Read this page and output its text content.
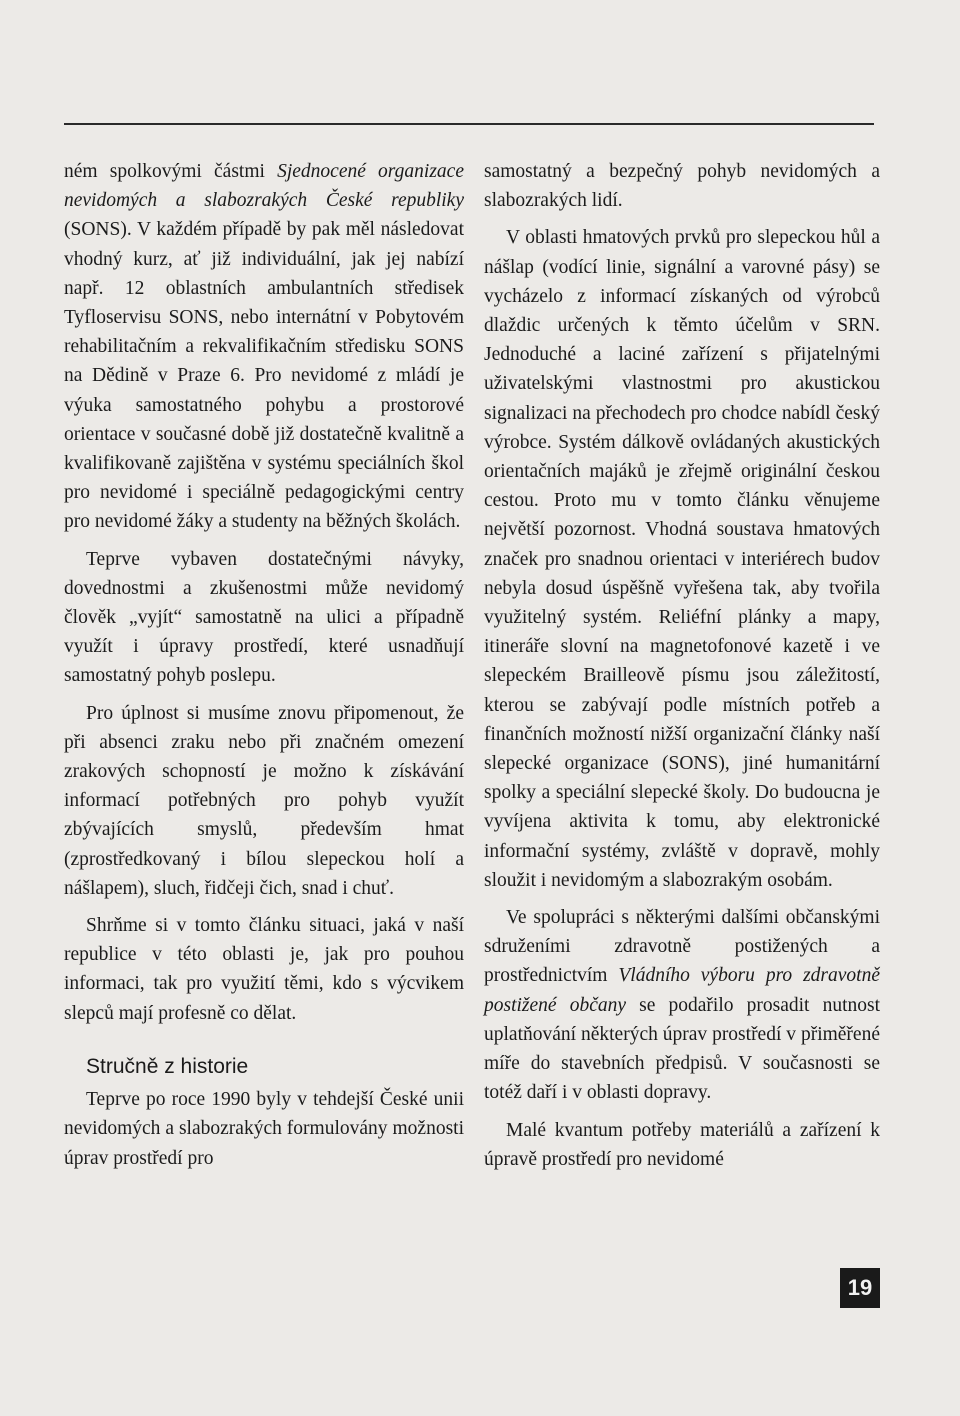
ném spolkovými částmi Sjednocené organizace nevidomých a slabozrakých České republiky (SONS). V každém případě by pak měl následovat vhodný kurz, ať již individuální, jak jej nabízí např. 12 oblastních ambulantních středisek Tyfloservisu SONS, nebo internátní v Pobytovém rehabilitačním a rekvalifikačním středisku SONS na Dědině v Praze 6. Pro nevidomé z mládí je výuka samostatného pohybu a prostorové orientace v současné době již dostatečně kvalitně a kvalifikovaně zajištěna v systému speciálních škol pro nevidomé i speciálně pedagogickými centry pro nevidomé žáky a studenty na běžných školách.

Teprve vybaven dostatečnými návyky, dovednostmi a zkušenostmi může nevidomý člověk „vyjít“ samostatně na ulici a případně využít i úpravy prostředí, které usnadňují samostatný pohyb poslepu.

Pro úplnost si musíme znovu připomenout, že při absenci zraku nebo při značném omezení zrakových schopností je možno k získávání informací potřebných pro pohyb využít zbývajících smyslů, především hmat (zprostředkovaný i bílou slepeckou holí a nášlapem), sluch, řidčeji čich, snad i chuť.

Shrňme si v tomto článku situaci, jaká v naší republice v této oblasti je, jak pro pouhou informaci, tak pro využití těmi, kdo s výcvikem slepců mají profesně co dělat.

Stručně z historie

Teprve po roce 1990 byly v tehdejší České unii nevidomých a slabozrakých formulovány možnosti úprav prostředí pro

samostatný a bezpečný pohyb nevidomých a slabozrakých lidí.

V oblasti hmatových prvků pro slepeckou hůl a nášlap (vodící linie, signální a varovné pásy) se vycházelo z informací získaných od výrobců dlaždic určených k těmto účelům v SRN. Jednoduché a laciné zařízení s přijatelnými uživatelskými vlastnostmi pro akustickou signalizaci na přechodech pro chodce nabídl český výrobce. Systém dálkově ovládaných akustických orientačních majáků je zřejmě originální českou cestou. Proto mu v tomto článku věnujeme největší pozornost. Vhodná soustava hmatových značek pro snadnou orientaci v interiérech budov nebyla dosud úspěšně vyřešena tak, aby tvořila využitelný systém. Reliéfní plánky a mapy, itineráře slovní na magnetofonové kazetě i ve slepeckém Brailleově písmu jsou záležitostí, kterou se zabývají podle místních potřeb a finančních možností nižší organizační články naší slepecké organizace (SONS), jiné humanitární spolky a speciální slepecké školy. Do budoucna je vyvíjena aktivita k tomu, aby elektronické informační systémy, zvláště v dopravě, mohly sloužit i nevidomým a slabozrakým osobám.

Ve spolupráci s některými dalšími občanskými sdruženími zdravotně postižených a prostřednictvím Vládního výboru pro zdravotně postižené občany se podařilo prosadit nutnost uplatňování některých úprav prostředí v přiměřené míře do stavebních předpisů. V současnosti se totéž daří i v oblasti dopravy.

Malé kvantum potřeby materiálů a zařízení k úpravě prostředí pro nevidomé

19
